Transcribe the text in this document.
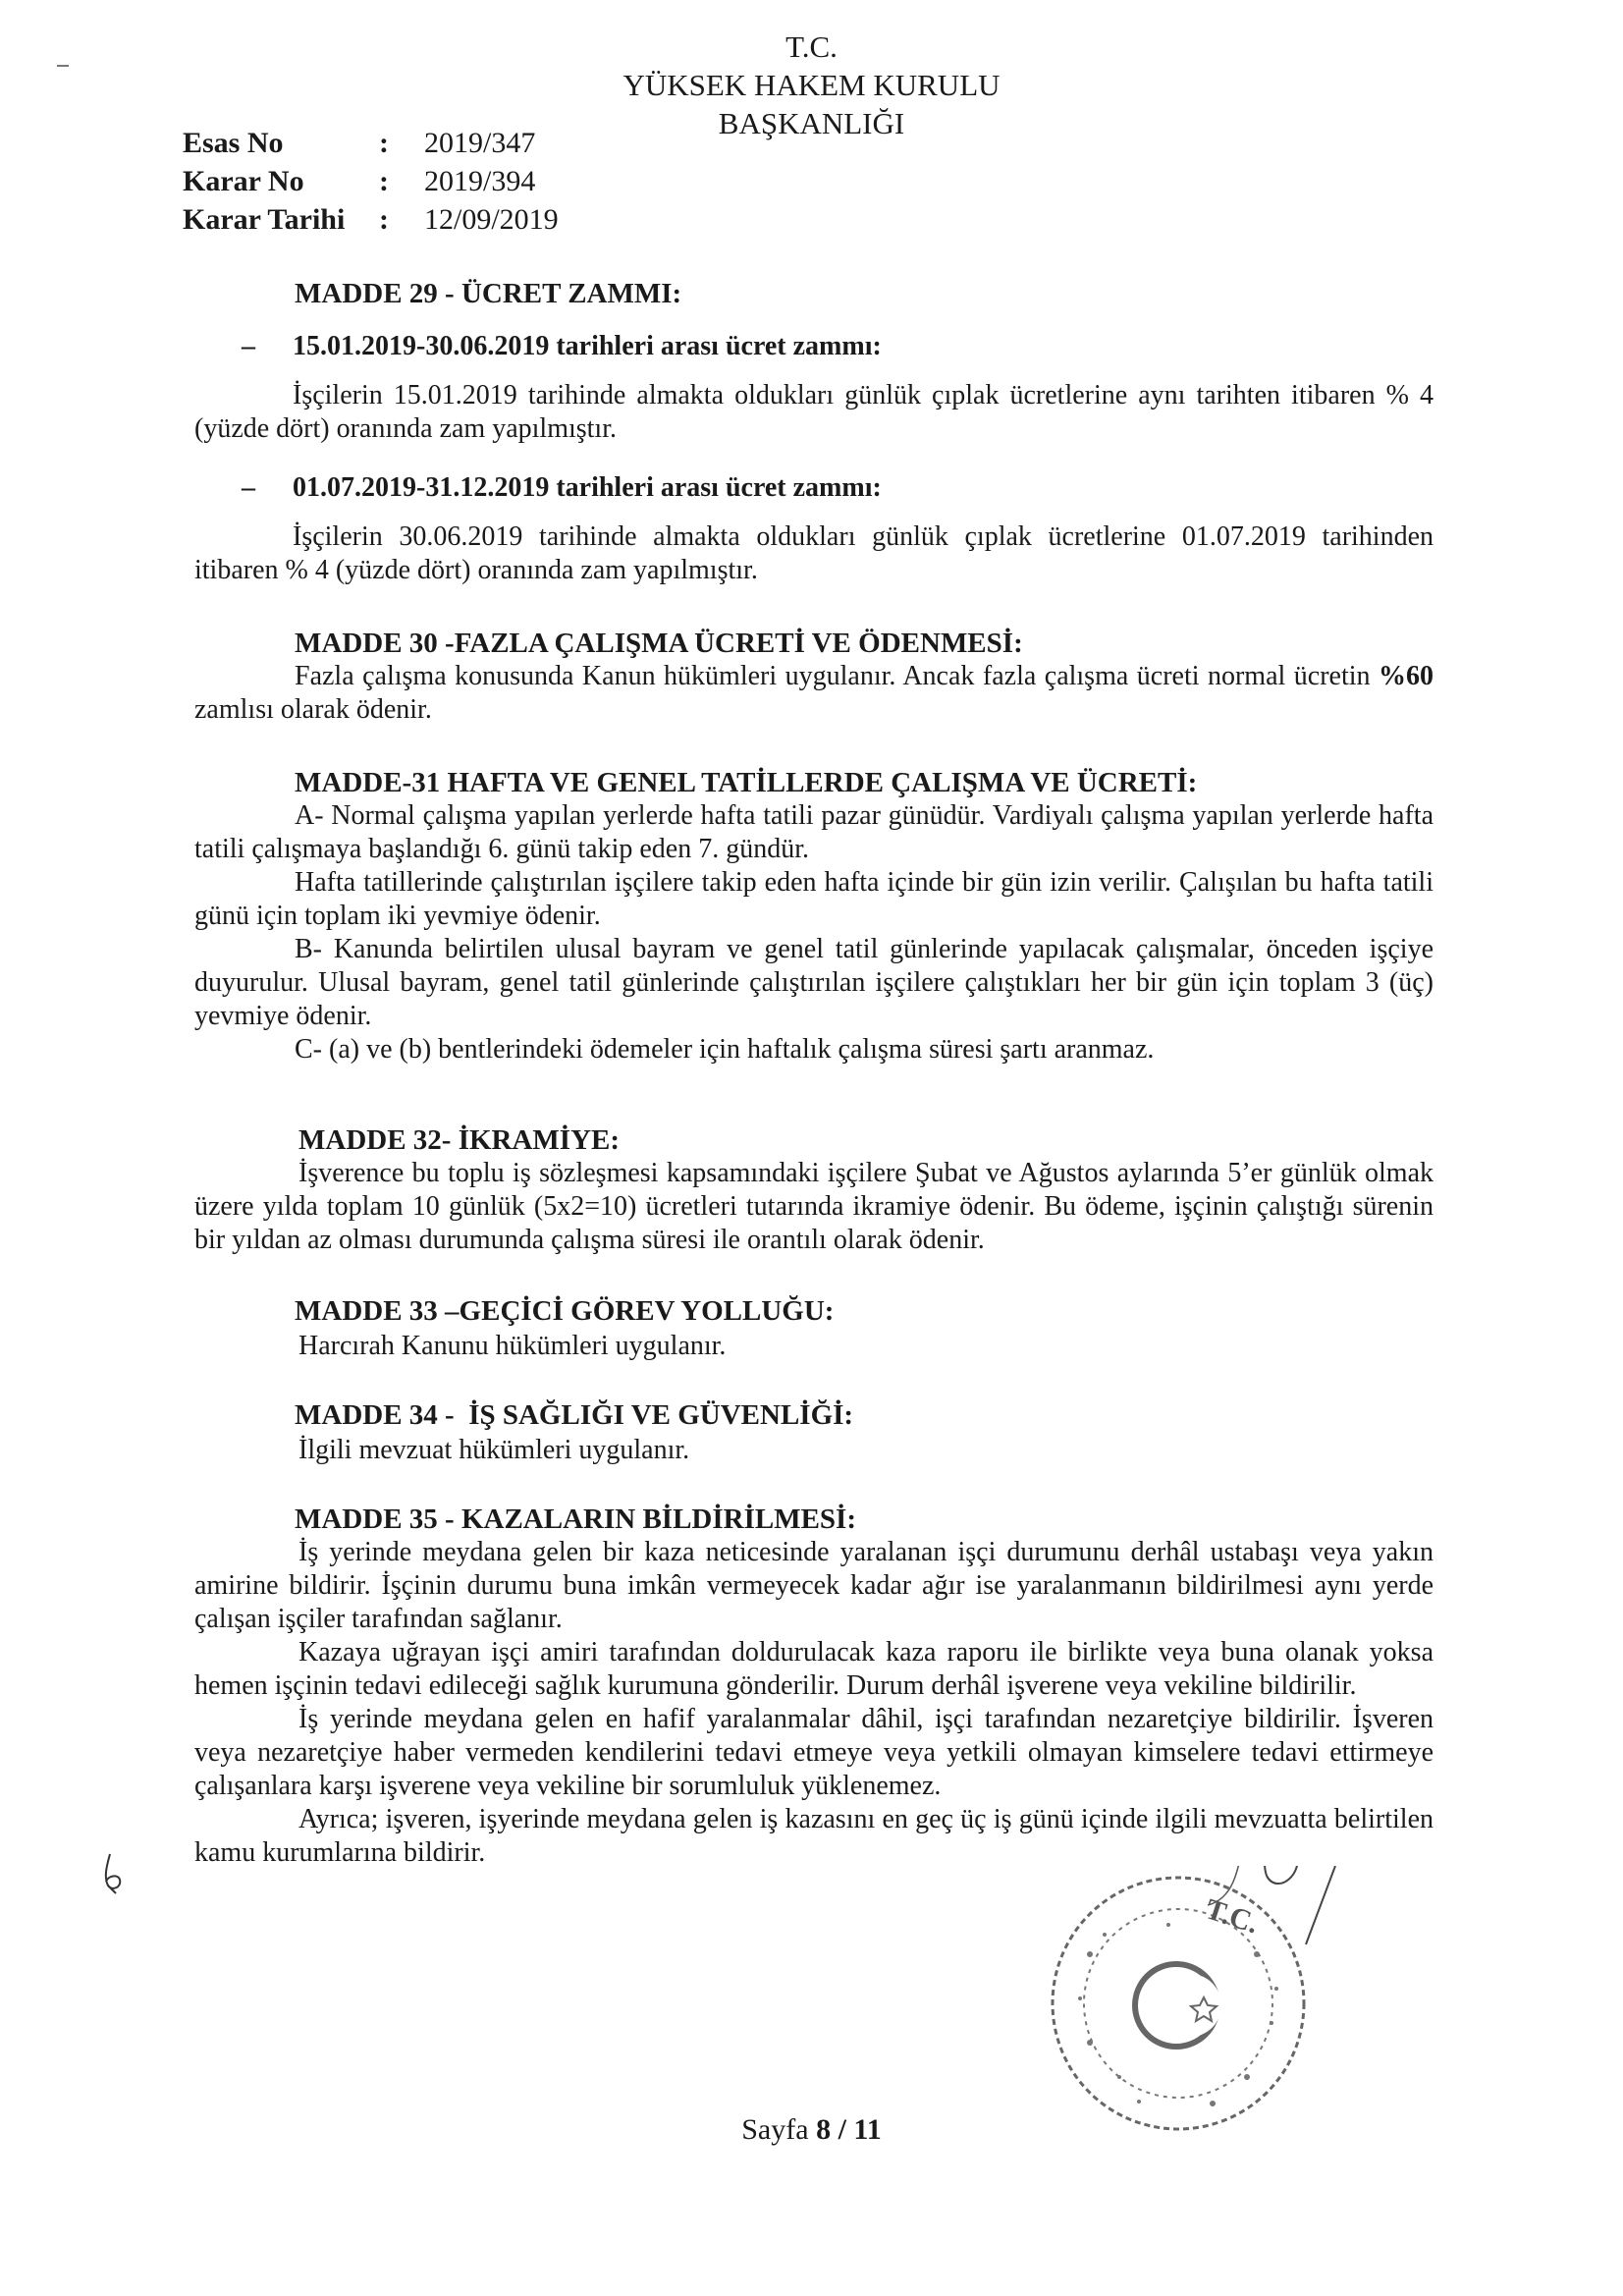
T.C.
YÜKSEK HAKEM KURULU
BAŞKANLIĞI
Esas No	:	2019/347
Karar No	:	2019/394
Karar Tarihi	:	12/09/2019
MADDE 29 - ÜCRET ZAMMI:
– 15.01.2019-30.06.2019 tarihleri arası ücret zammı:

İşçilerin 15.01.2019 tarihinde almakta oldukları günlük çıplak ücretlerine aynı tarihten itibaren % 4 (yüzde dört) oranında zam yapılmıştır.

– 01.07.2019-31.12.2019 tarihleri arası ücret zammı:

İşçilerin 30.06.2019 tarihinde almakta oldukları günlük çıplak ücretlerine 01.07.2019 tarihinden itibaren % 4 (yüzde dört) oranında zam yapılmıştır.

MADDE 30 -FAZLA ÇALIŞMA ÜCRETİ VE ÖDENMESİ:

Fazla çalışma konusunda Kanun hükümleri uygulanır. Ancak fazla çalışma ücreti normal ücretin %60 zamlısı olarak ödenir.

MADDE-31 HAFTA VE GENEL TATİLLERDE ÇALIŞMA VE ÜCRETİ:

A- Normal çalışma yapılan yerlerde hafta tatili pazar günüdür. Vardiyalı çalışma yapılan yerlerde hafta tatili çalışmaya başlandığı 6. günü takip eden 7. gündür.

Hafta tatillerinde çalıştırılan işçilere takip eden hafta içinde bir gün izin verilir. Çalışılan bu hafta tatili günü için toplam iki yevmiye ödenir.

B- Kanunda belirtilen ulusal bayram ve genel tatil günlerinde yapılacak çalışmalar, önceden işçiye duyurulur. Ulusal bayram, genel tatil günlerinde çalıştırılan işçilere çalıştıkları her bir gün için toplam 3 (üç) yevmiye ödenir.

C- (a) ve (b) bentlerindeki ödemeler için haftalık çalışma süresi şartı aranmaz.

MADDE 32- İKRAMİYE:

İşverence bu toplu iş sözleşmesi kapsamındaki işçilere Şubat ve Ağustos aylarında 5’er günlük olmak üzere yılda toplam 10 günlük (5x2=10) ücretleri tutarında ikramiye ödenir. Bu ödeme, işçinin çalıştığı sürenin bir yıldan az olması durumunda çalışma süresi ile orantılı olarak ödenir.

MADDE 33 –GEÇİCİ GÖREV YOLLUĞU:

Harcırah Kanunu hükümleri uygulanır.

MADDE 34 -  İŞ SAĞLIĞI VE GÜVENLİĞİ:

İlgili mevzuat hükümleri uygulanır.

MADDE 35 - KAZALARIN BİLDİRİLMESİ:

İş yerinde meydana gelen bir kaza neticesinde yaralanan işçi durumunu derhâl ustabaşı veya yakın amirine bildirir. İşçinin durumu buna imkân vermeyecek kadar ağır ise yaralanmanın bildirilmesi aynı yerde çalışan işçiler tarafından sağlanır.

Kazaya uğrayan işçi amiri tarafından doldurulacak kaza raporu ile birlikte veya buna olanak yoksa hemen işçinin tedavi edileceği sağlık kurumuna gönderilir. Durum derhâl işverene veya vekiline bildirilir.

İş yerinde meydana gelen en hafif yaralanmalar dâhil, işçi tarafından nezaretçiye bildirilir. İşveren veya nezaretçiye haber vermeden kendilerini tedavi etmeye veya yetkili olmayan kimselere tedavi ettirmeye çalışanlara karşı işverene veya vekiline bir sorumluluk yüklenemez.

Ayrıca; işveren, işyerinde meydana gelen iş kazasını en geç üç iş günü içinde ilgili mevzuatta belirtilen kamu kurumlarına bildirir.

T.C.
Sayfa 8 / 11
